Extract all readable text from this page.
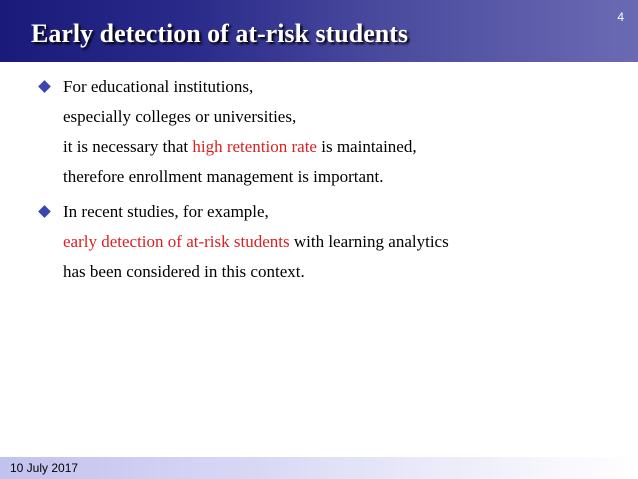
Early detection of at-risk students
4
For educational institutions,
especially colleges or universities,
it is necessary that high retention rate is maintained,
therefore enrollment management is important.
In recent studies, for example,
early detection of at-risk students with learning analytics
has been considered in this context.
10 July 2017
